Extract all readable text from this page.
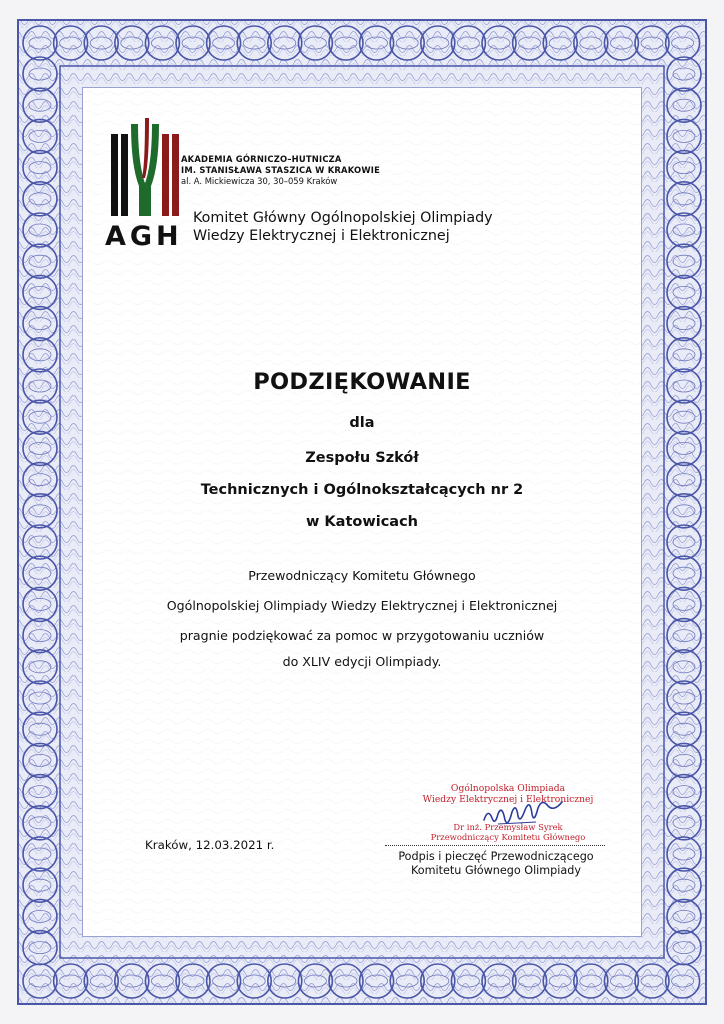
AGH
AKADEMIA GÓRNICZO–HUTNICZA
IM. STANISŁAWA STASZICA W KRAKOWIE
al. A. Mickiewicza 30, 30–059 Kraków
Komitet Główny Ogólnopolskiej Olimpiady
Wiedzy Elektrycznej i Elektronicznej
PODZIĘKOWANIE
dla
Zespołu Szkół
Technicznych i Ogólnokształcących nr 2
w Katowicach
Przewodniczący Komitetu Głównego
Ogólnopolskiej Olimpiady Wiedzy Elektrycznej i Elektronicznej
pragnie podziękować za pomoc w przygotowaniu uczniów
do XLIV edycji Olimpiady.
Kraków, 12.03.2021 r.
Ogólnopolska Olimpiada
Wiedzy Elektrycznej i Elektronicznej
Dr inż. Przemysław Syrek
Przewodniczący Komitetu Głównego
Podpis i pieczęć Przewodniczącego
Komitetu Głównego Olimpiady
